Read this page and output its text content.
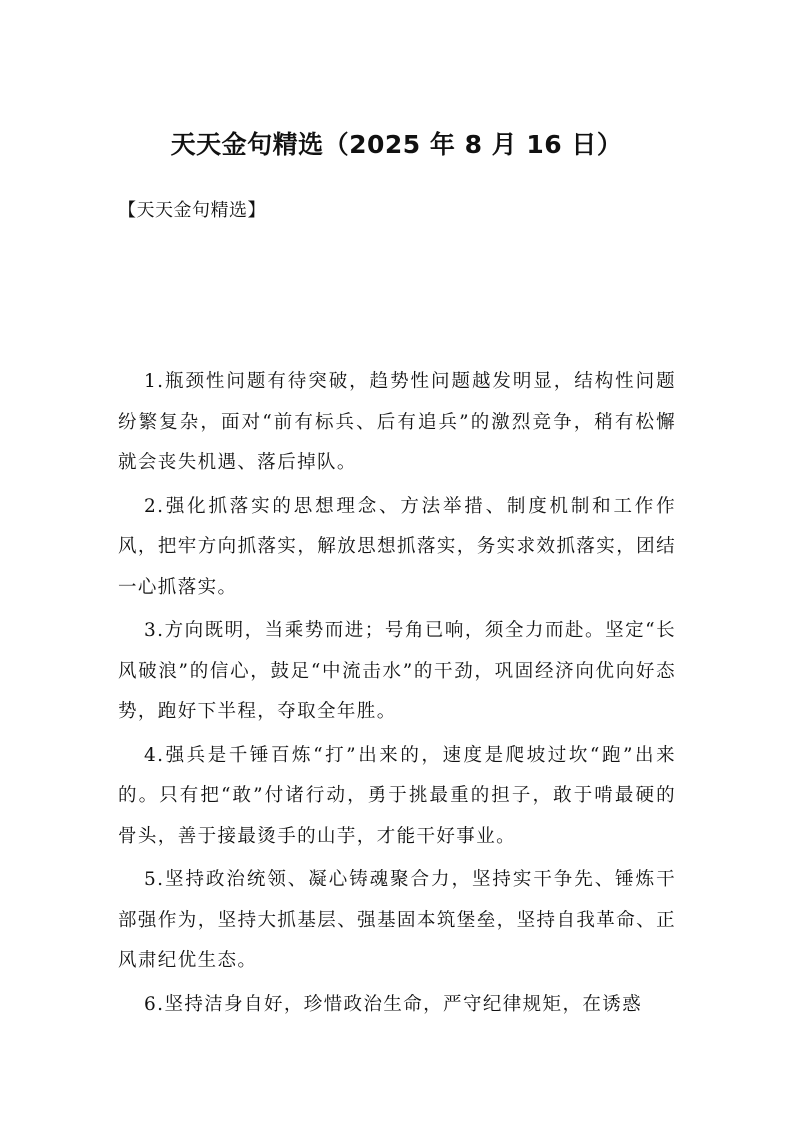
天天金句精选（2025 年 8 月 16 日）

【天天金句精选】

1.瓶颈性问题有待突破，趋势性问题越发明显，结构性问题纷繁复杂，面对“前有标兵、后有追兵”的激烈竞争，稍有松懈就会丧失机遇、落后掉队。

2.强化抓落实的思想理念、方法举措、制度机制和工作作风，把牢方向抓落实，解放思想抓落实，务实求效抓落实，团结一心抓落实。

3.方向既明，当乘势而进；号角已响，须全力而赴。坚定“长风破浪”的信心，鼓足“中流击水”的干劲，巩固经济向优向好态势，跑好下半程，夺取全年胜。

4.强兵是千锤百炼“打”出来的，速度是爬坡过坎“跑”出来的。只有把“敢”付诸行动，勇于挑最重的担子，敢于啃最硬的骨头，善于接最烫手的山芋，才能干好事业。

5.坚持政治统领、凝心铸魂聚合力，坚持实干争先、锤炼干部强作为，坚持大抓基层、强基固本筑堡垒，坚持自我革命、正风肃纪优生态。

6.坚持洁身自好，珍惜政治生命，严守纪律规矩，在诱惑
